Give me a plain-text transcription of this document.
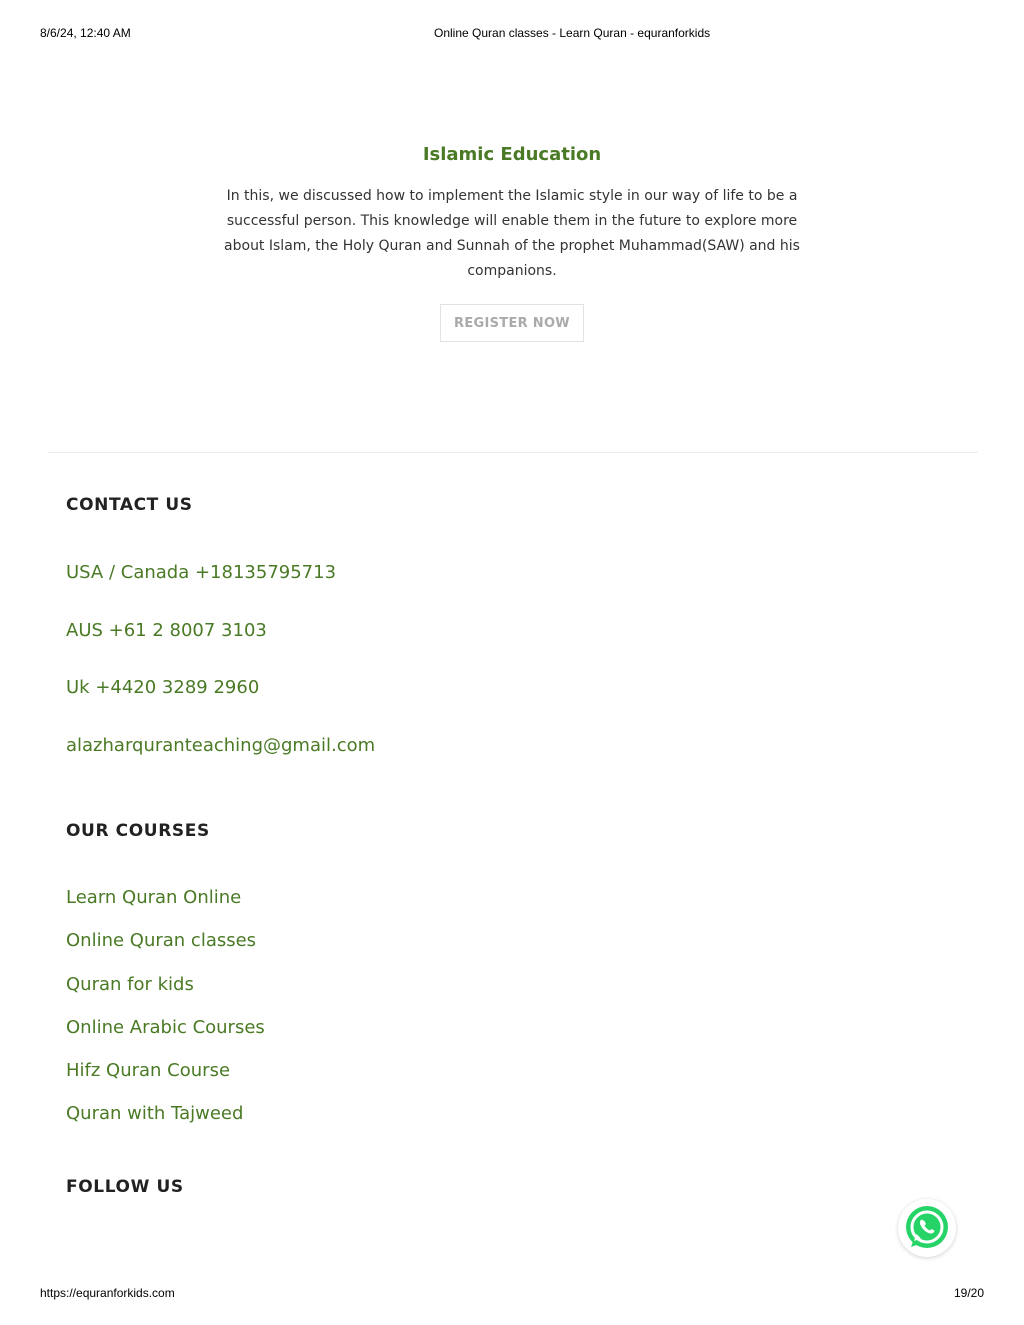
8/6/24, 12:40 AM	Online Quran classes - Learn Quran - equranforkids
Islamic Education

In this, we discussed how to implement the Islamic style in our way of life to be a successful person. This knowledge will enable them in the future to explore more about Islam, the Holy Quran and Sunnah of the prophet Muhammad(SAW) and his companions.

REGISTER NOW
CONTACT US
USA / Canada +18135795713
AUS +61 2 8007 3103
Uk +4420 3289 2960
alazharquranteaching@gmail.com
OUR COURSES
Learn Quran Online
Online Quran classes
Quran for kids
Online Arabic Courses
Hifz Quran Course
Quran with Tajweed
FOLLOW US
https://equranforkids.com	19/20
